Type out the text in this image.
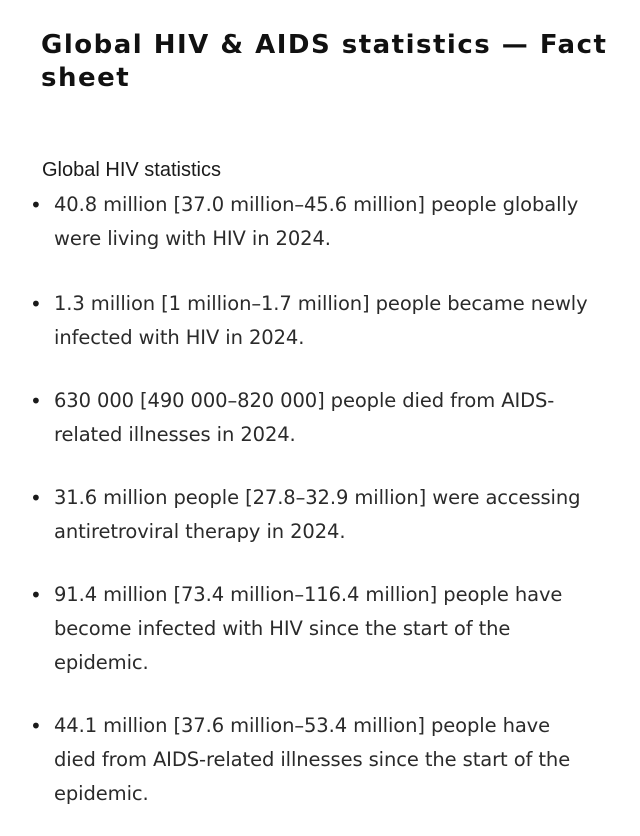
Global HIV & AIDS statistics — Fact sheet
Global HIV statistics
• 40.8 million [37.0 million–45.6 million] people globally
were living with HIV in 2024.
• 1.3 million [1 million–1.7 million] people became newly
infected with HIV in 2024.
• 630 000 [490 000–820 000] people died from AIDS-
related illnesses in 2024.
• 31.6 million people [27.8–32.9 million] were accessing
antiretroviral therapy in 2024.
• 91.4 million [73.4 million–116.4 million] people have
become infected with HIV since the start of the
epidemic.
• 44.1 million [37.6 million–53.4 million] people have
died from AIDS-related illnesses since the start of the
epidemic.
